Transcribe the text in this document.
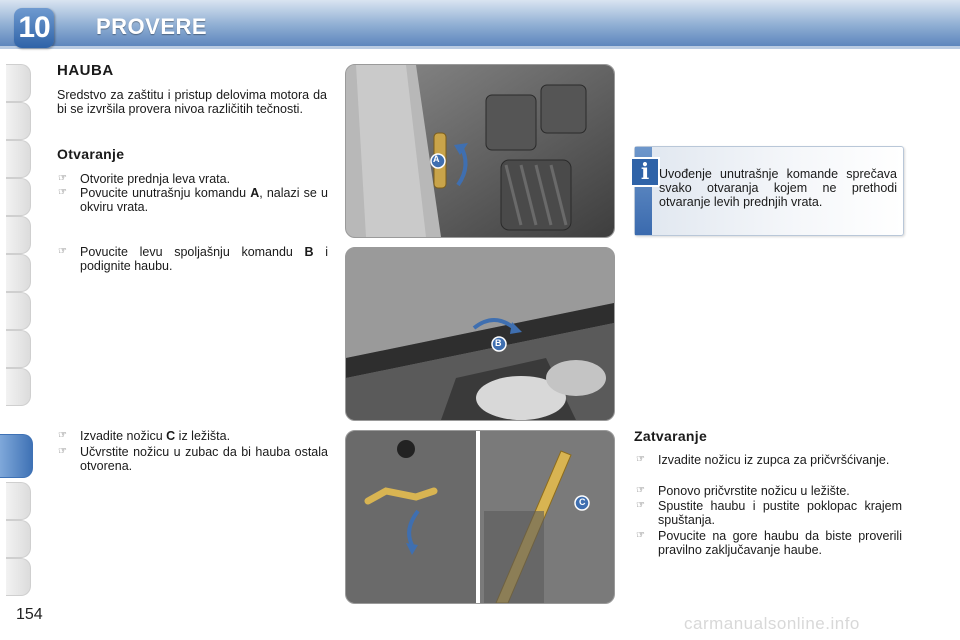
10 PROVERE
154
HAUBA
Sredstvo za zaštitu i pristup delovima motora da bi se izvršila provera nivoa različitih tečnosti.
Otvaranje
☞ Otvorite prednja leva vrata.
☞ Povucite unutrašnju komandu A, nalazi se u okviru vrata.
☞ Povucite levu spoljašnju komandu B i podignite haubu.
☞ Izvadite nožicu C iz ležišta.
☞ Učvrstite nožicu u zubac da bi hauba ostala otvorena.
A
B
C
i Uvođenje unutrašnje komande sprečava svako otvaranja kojem ne prethodi otvaranje levih prednjih vrata.
Zatvaranje
☞ Izvadite nožicu iz zupca za pričvršćivanje.
☞ Ponovo pričvrstite nožicu u ležište.
☞ Spustite haubu i pustite poklopac krajem spuštanja.
☞ Povucite na gore haubu da biste proverili pravilno zaključavanje haube.
carmanualsonline.info
